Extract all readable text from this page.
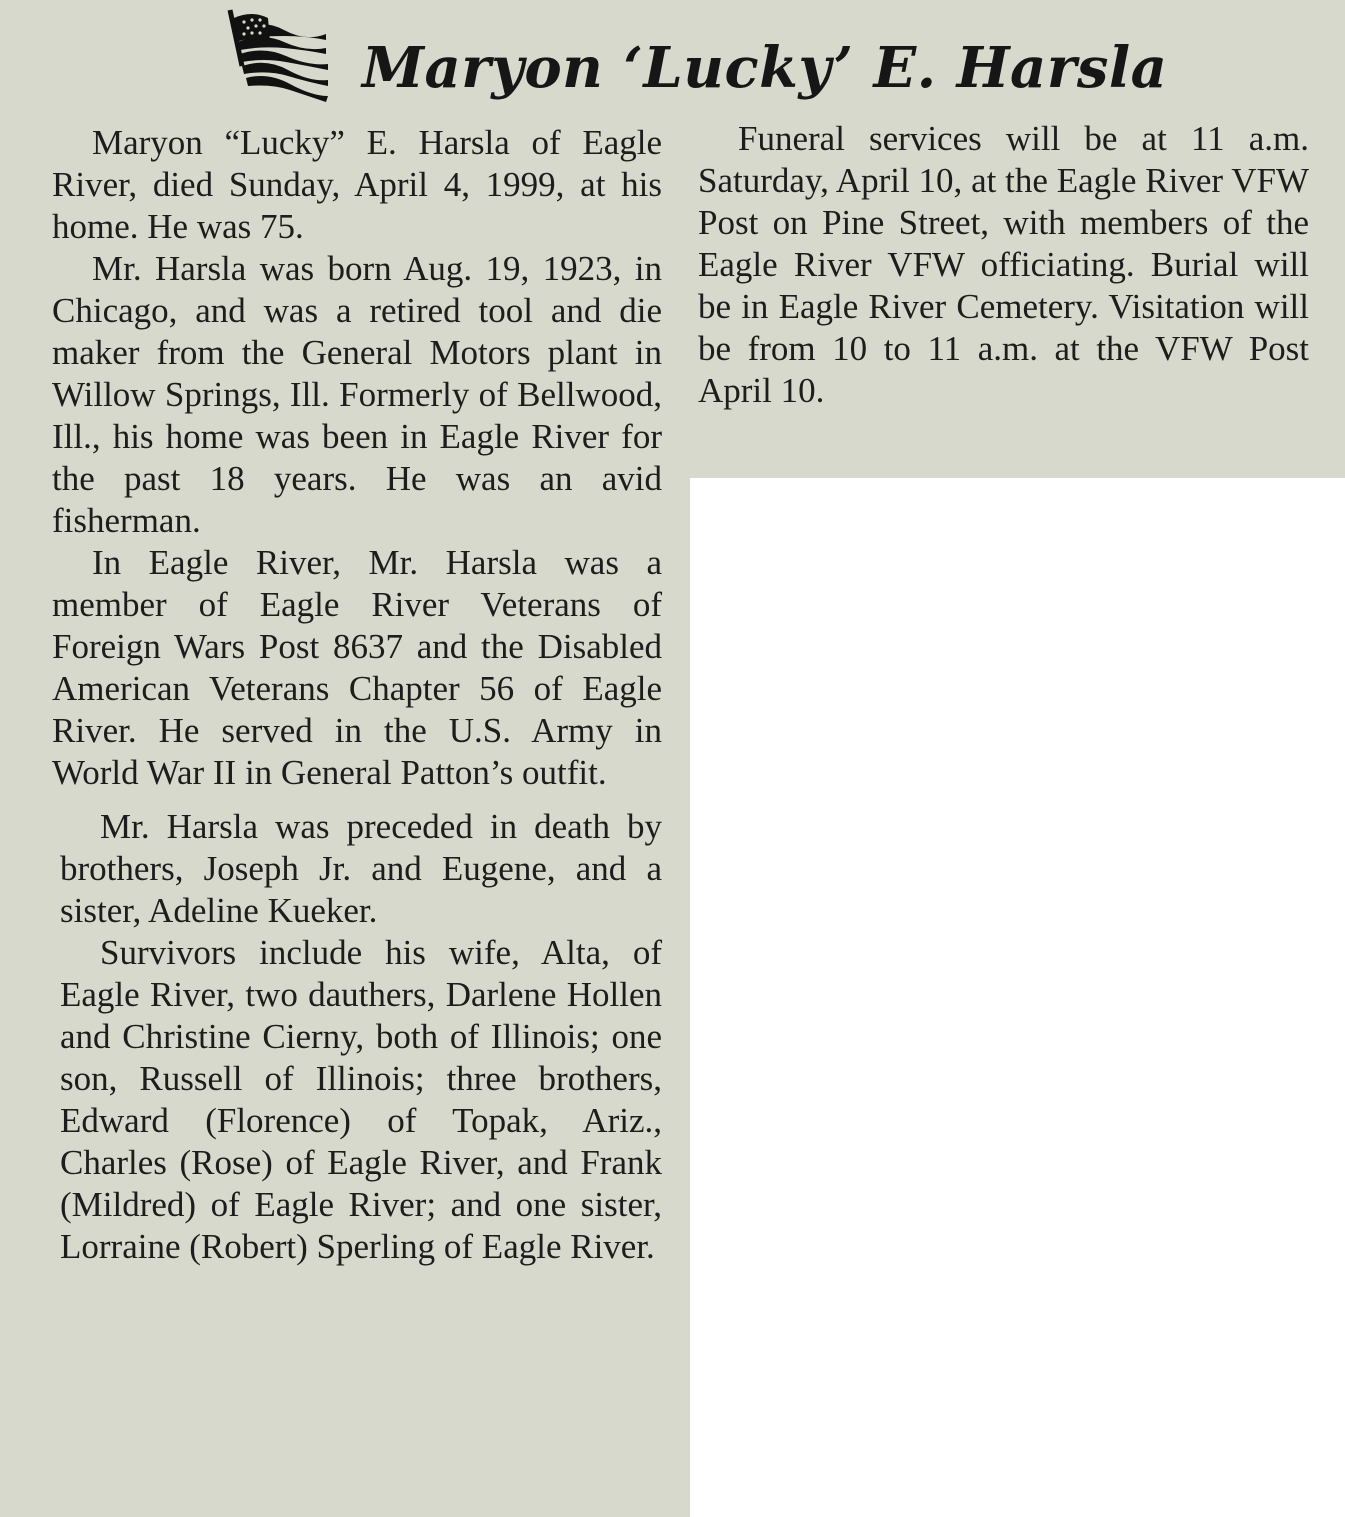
Maryon ‘Lucky’ E. Harsla

Maryon “Lucky” E. Harsla of Eagle River, died Sunday, April 4, 1999, at his home. He was 75.

Mr. Harsla was born Aug. 19, 1923, in Chicago, and was a retired tool and die maker from the General Motors plant in Willow Springs, Ill. Formerly of Bellwood, Ill., his home was been in Eagle River for the past 18 years. He was an avid fisherman.

In Eagle River, Mr. Harsla was a member of Eagle River Veterans of Foreign Wars Post 8637 and the Disabled American Veterans Chapter 56 of Eagle River. He served in the U.S. Army in World War II in General Patton’s outfit.

Mr. Harsla was preceded in death by brothers, Joseph Jr. and Eugene, and a sister, Adeline Kueker.

Survivors include his wife, Alta, of Eagle River, two dauthers, Darlene Hollen and Christine Cierny, both of Illinois; one son, Russell of Illinois; three brothers, Edward (Florence) of Topak, Ariz., Charles (Rose) of Eagle River, and Frank (Mildred) of Eagle River; and one sister, Lorraine (Robert) Sperling of Eagle River.

Funeral services will be at 11 a.m. Saturday, April 10, at the Eagle River VFW Post on Pine Street, with members of the Eagle River VFW officiating. Burial will be in Eagle River Cemetery. Visitation will be from 10 to 11 a.m. at the VFW Post April 10.
